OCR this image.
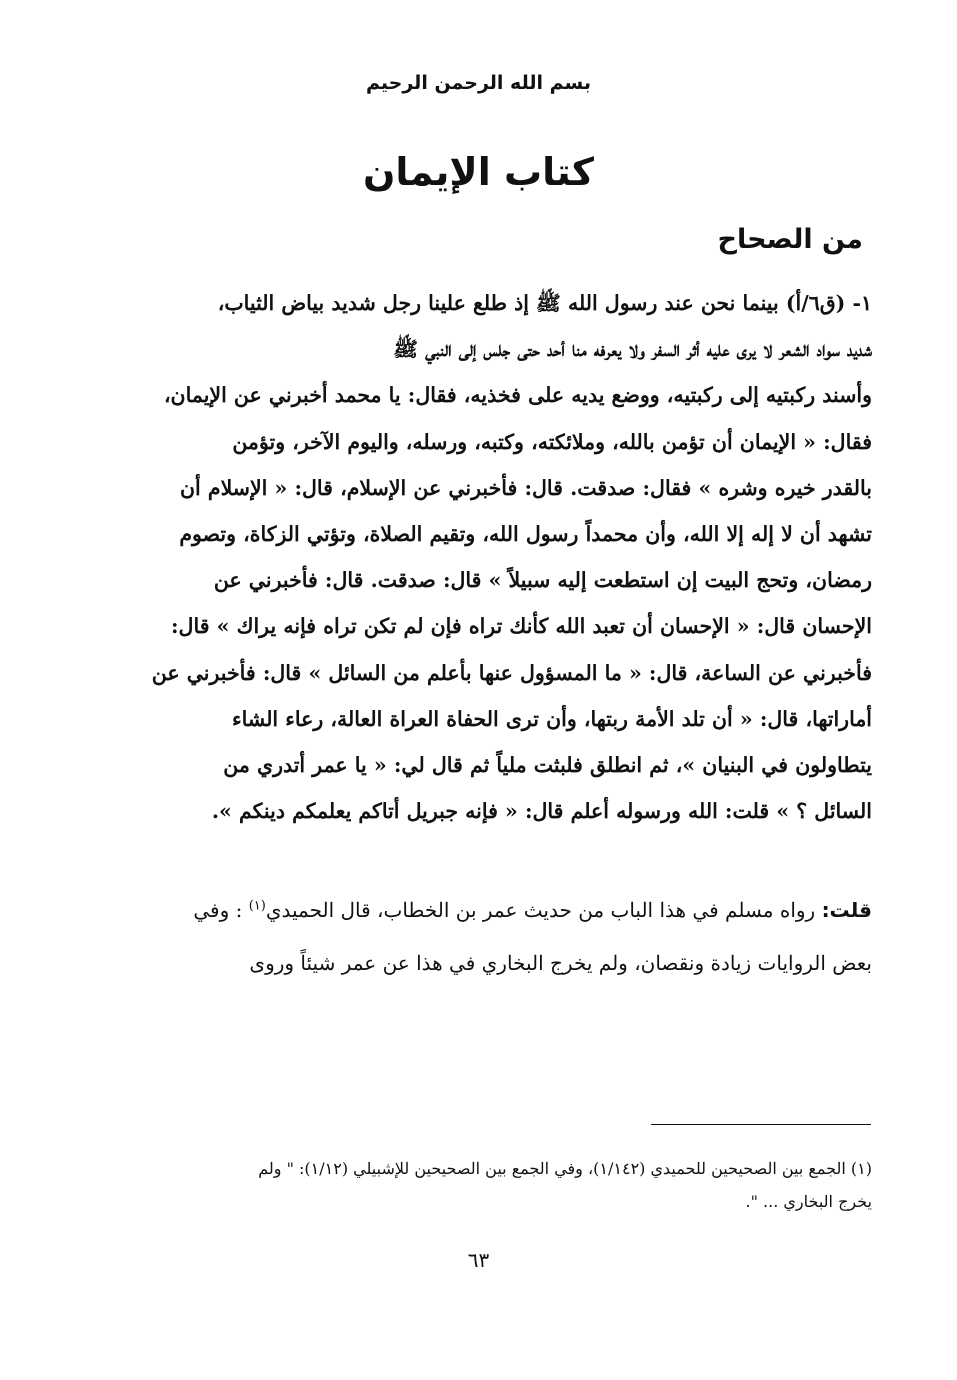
بسم الله الرحمن الرحيم
كتاب الإيمان
من الصحاح
١- (ق٦/أ) بينما نحن عند رسول الله ﷺ إذ طلع علينا رجل شديد بياض الثياب،
شديد سواد الشعر لا يرى عليه أثر السفر ولا يعرفه منا أحد حتى جلس إلى النبي ﷺ
وأسند ركبتيه إلى ركبتيه، ووضع يديه على فخذيه، فقال: يا محمد أخبرني عن الإيمان،
فقال: « الإيمان أن تؤمن بالله، وملائكته، وكتبه، ورسله، واليوم الآخر، وتؤمن
بالقدر خيره وشره » فقال: صدقت. قال: فأخبرني عن الإسلام، قال: « الإسلام أن
تشهد أن لا إله إلا الله، وأن محمداً رسول الله، وتقيم الصلاة، وتؤتي الزكاة، وتصوم
رمضان، وتحج البيت إن استطعت إليه سبيلاً » قال: صدقت. قال: فأخبرني عن
الإحسان قال: « الإحسان أن تعبد الله كأنك تراه فإن لم تكن تراه فإنه يراك » قال:
فأخبرني عن الساعة، قال: « ما المسؤول عنها بأعلم من السائل » قال: فأخبرني عن
أماراتها، قال: « أن تلد الأمة ربتها، وأن ترى الحفاة العراة العالة، رعاء الشاء
يتطاولون في البنيان »، ثم انطلق فلبثت ملياً ثم قال لي: « يا عمر أتدري من
السائل ؟ » قلت: الله ورسوله أعلم قال: « فإنه جبريل أتاكم يعلمكم دينكم ».
قلت: رواه مسلم في هذا الباب من حديث عمر بن الخطاب، قال الحميدي$^{(١)}$ : وفي
بعض الروايات زيادة ونقصان، ولم يخرج البخاري في هذا عن عمر شيئاً وروى
(١) الجمع بين الصحيحين للحميدي (١/١٤٢)، وفي الجمع بين الصحيحين للإشبيلي (١/١٢): " ولم
يخرج البخاري ... ".
٦٣
